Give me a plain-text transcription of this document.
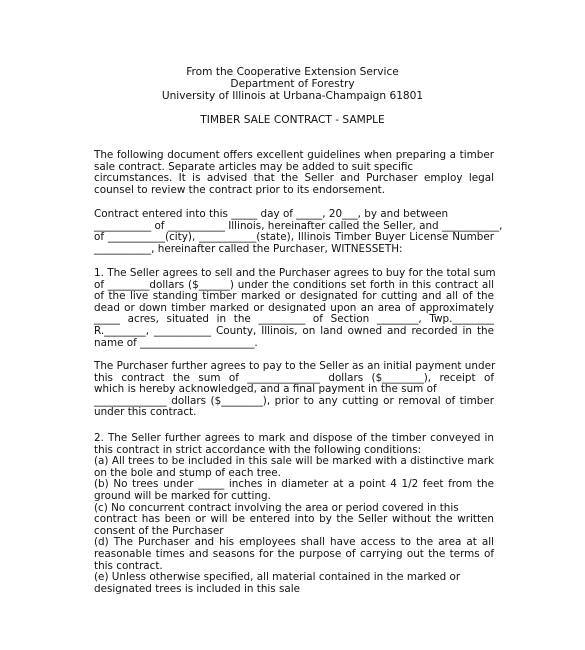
From the Cooperative Extension Service
Department of Forestry
University of Illinois at Urbana-Champaign 61801
TIMBER SALE CONTRACT - SAMPLE
The following document offers excellent guidelines when preparing a timber
sale contract. Separate articles may be added to suit specific
circumstances. It is advised that the Seller and Purchaser employ legal
counsel to review the contract prior to its endorsement.
Contract entered into this _____ day of _____, 20___, by and between
___________ of ___________ Illinois, hereinafter called the Seller, and ___________,
of ___________(city), ___________(state), Illinois Timber Buyer License Number
___________, hereinafter called the Purchaser, WITNESSETH:
1. The Seller agrees to sell and the Purchaser agrees to buy for the total sum
of ________dollars ($______) under the conditions set forth in this contract all
of the live standing timber marked or designated for cutting and all of the
dead or down timber marked or designated upon an area of approximately
_____ acres, situated in the _________ of Section ________, Twp.________
R.________, ___________ County, Illinois, on land owned and recorded in the
name of ______________________.
The Purchaser further agrees to pay to the Seller as an initial payment under
this contract the sum of ______________ dollars ($________), receipt of
which is hereby acknowledged, and a final payment in the sum of
______________ dollars ($________), prior to any cutting or removal of timber
under this contract.
2. The Seller further agrees to mark and dispose of the timber conveyed in
this contract in strict accordance with the following conditions:
(a) All trees to be included in this sale will be marked with a distinctive mark
on the bole and stump of each tree.
(b) No trees under _____ inches in diameter at a point 4 1/2 feet from the
ground will be marked for cutting.
(c) No concurrent contract involving the area or period covered in this
contract has been or will be entered into by the Seller without the written
consent of the Purchaser
(d) The Purchaser and his employees shall have access to the area at all
reasonable times and seasons for the purpose of carrying out the terms of
this contract.
(e) Unless otherwise specified, all material contained in the marked or
designated trees is included in this sale
